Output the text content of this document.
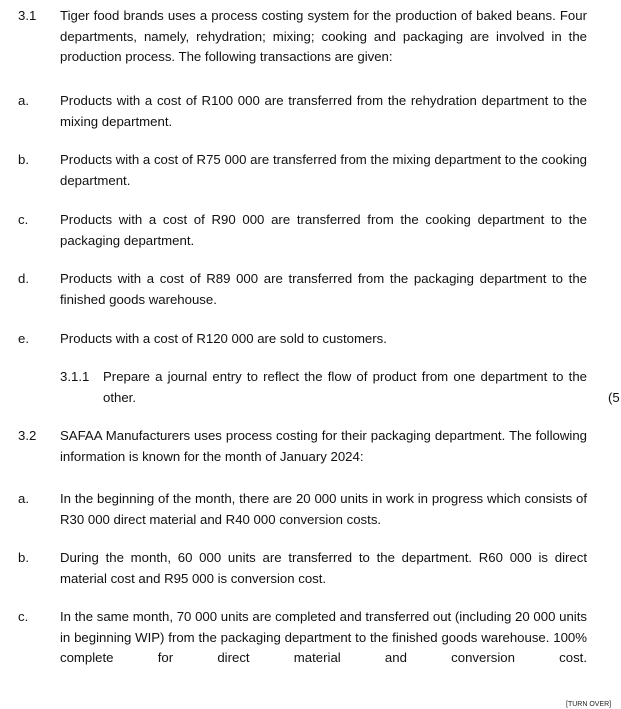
3.1 Tiger food brands uses a process costing system for the production of baked beans. Four departments, namely, rehydration; mixing; cooking and packaging are involved in the production process. The following transactions are given:
a. Products with a cost of R100 000 are transferred from the rehydration department to the mixing department.
b. Products with a cost of R75 000 are transferred from the mixing department to the cooking department.
c. Products with a cost of R90 000 are transferred from the cooking department to the packaging department.
d. Products with a cost of R89 000 are transferred from the packaging department to the finished goods warehouse.
e. Products with a cost of R120 000 are sold to customers.
3.1.1 Prepare a journal entry to reflect the flow of product from one department to the other.	(5
3.2 SAFAA Manufacturers uses process costing for their packaging department. The following information is known for the month of January 2024:
a. In the beginning of the month, there are 20 000 units in work in progress which consists of R30 000 direct material and R40 000 conversion costs.
b. During the month, 60 000 units are transferred to the department. R60 000 is direct material cost and R95 000 is conversion cost.
c. In the same month, 70 000 units are completed and transferred out (including 20 000 units in beginning WIP) from the packaging department to the finished goods warehouse. 100% complete for direct material and conversion cost.
[TURN OVER]
